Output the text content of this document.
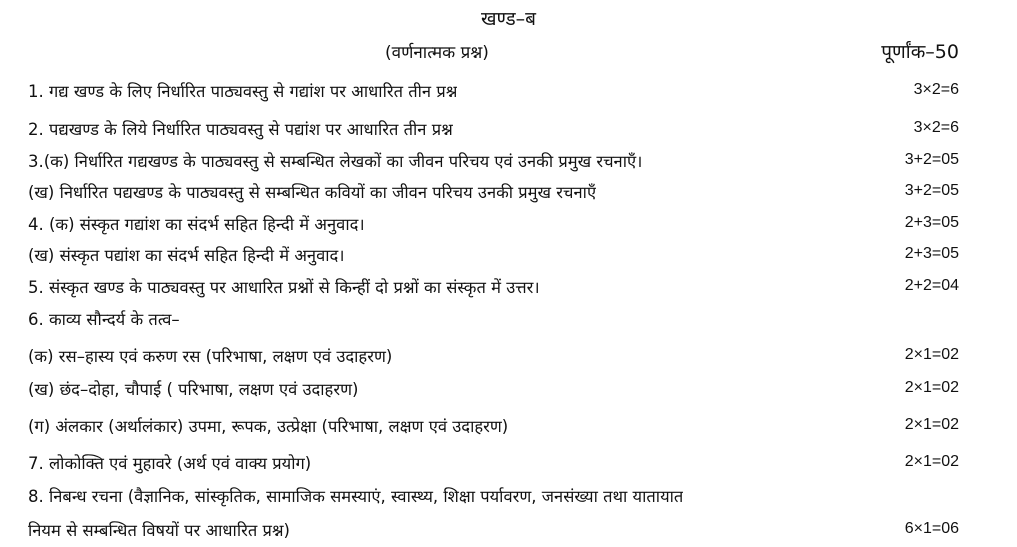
खण्ड–ब
(वर्णनात्मक प्रश्न)	पूर्णांक–50
1. गद्य खण्ड के लिए निर्धारित पाठ्यवस्तु से गद्यांश पर आधारित तीन प्रश्न	3×2=6
2. पद्यखण्ड के लिये निर्धारित पाठ्यवस्तु से पद्यांश पर आधारित तीन प्रश्न	3×2=6
3.(क) निर्धारित गद्यखण्ड के पाठ्यवस्तु से सम्बन्धित लेखकों का जीवन परिचय एवं उनकी प्रमुख रचनाएँ।	3+2=05
(ख) निर्धारित पद्यखण्ड के पाठ्यवस्तु से सम्बन्धित कवियों का जीवन परिचय उनकी प्रमुख रचनाएँ	3+2=05
4. (क) संस्कृत गद्यांश का संदर्भ सहित हिन्दी में अनुवाद।	2+3=05
(ख) संस्कृत पद्यांश का संदर्भ सहित हिन्दी में अनुवाद।	2+3=05
5. संस्कृत खण्ड के पाठ्यवस्तु पर आधारित प्रश्नों से किन्हीं दो प्रश्नों का संस्कृत में उत्तर।	2+2=04
6. काव्य सौन्दर्य के तत्व–
(क) रस–हास्य एवं करुण रस (परिभाषा, लक्षण एवं उदाहरण)	2×1=02
(ख) छंद–दोहा, चौपाई ( परिभाषा, लक्षण एवं उदाहरण)	2×1=02
(ग) अंलकार (अर्थालंकार) उपमा, रूपक, उत्प्रेक्षा (परिभाषा, लक्षण एवं उदाहरण)	2×1=02
7. लोकोक्ति एवं मुहावरे (अर्थ एवं वाक्य प्रयोग)	2×1=02
8. निबन्ध रचना (वैज्ञानिक, सांस्कृतिक, सामाजिक समस्याएं, स्वास्थ्य, शिक्षा पर्यावरण, जनसंख्या तथा यातायात
नियम से सम्बन्धित विषयों पर आधारित प्रश्न)	6×1=06
